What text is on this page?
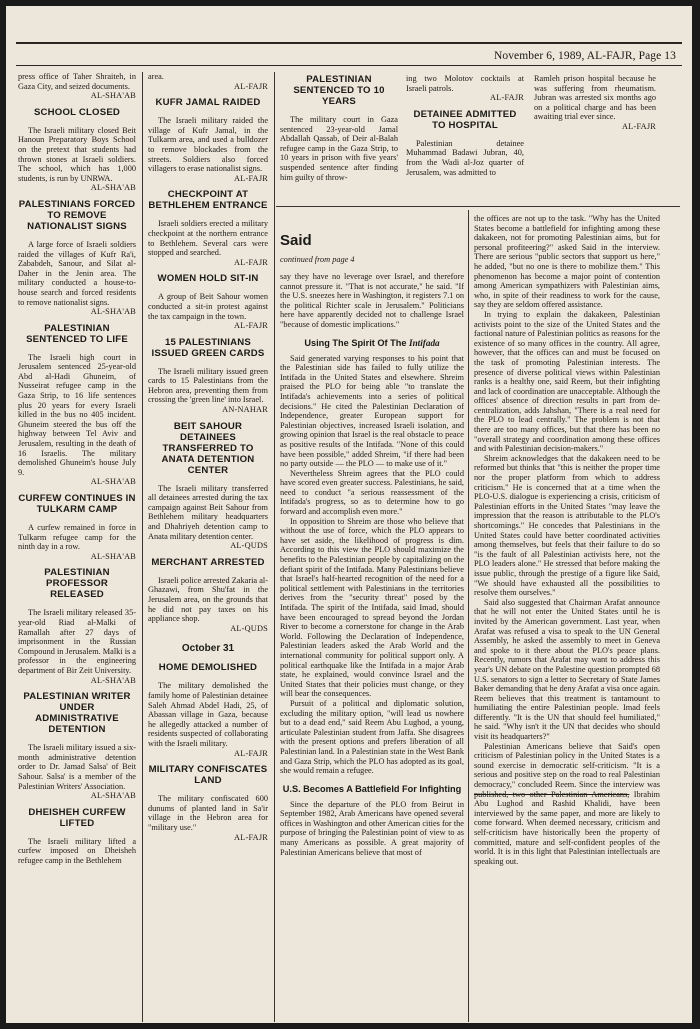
November 6, 1989, AL-FAJR, Page 13

press office of Taher Shraiteh, in Gaza City, and seized documents.

AL-SHA'AB

SCHOOL CLOSED

The Israeli military closed Beit Hanoun Preparatory Boys School on the pretext that students had thrown stones at Israeli soldiers. The school, which has 1,000 students, is run by UNRWA.

AL-SHA'AB

PALESTINIANS FORCED TO REMOVE NATIONALIST SIGNS

A large force of Israeli soldiers raided the villages of Kufr Ra'i, Zababdeh, Sanour, and Silat al-Daher in the Jenin area. The military conducted a house-to-house search and forced residents to remove nationalist signs.

AL-SHA'AB

PALESTINIAN SENTENCED TO LIFE

The Israeli high court in Jerusalem sentenced 25-year-old Abd al-Hadi Ghuneim, of Nusseirat refugee camp in the Gaza Strip, to 16 life sentences plus 20 years for every Israeli killed in the bus no 405 incident. Ghuneim steered the bus off the highway between Tel Aviv and Jerusalem, resulting in the death of 16 Israelis. The military demolished Ghuneim's house July 9.

AL-SHA'AB

CURFEW CONTINUES IN TULKARM CAMP

A curfew remained in force in Tulkarm refugee camp for the ninth day in a row.

AL-SHA'AB

PALESTINIAN PROFESSOR RELEASED

The Israeli military released 35-year-old Riad al-Malki of Ramallah after 27 days of imprisonment in the Russian Compound in Jerusalem. Malki is a professor in the engineering department of Bir Zeit University.

AL-SHA'AB

PALESTINIAN WRITER UNDER ADMINISTRATIVE DETENTION

The Israeli military issued a six-month administrative detention order to Dr. Jamad Salsa' of Beit Sahour. Salsa' is a member of the Palestinian Writers' Association.

AL-SHA'AB

DHEISHEH CURFEW LIFTED

The Israeli military lifted a curfew imposed on Dheisheh refugee camp in the Bethlehem

area.

AL-FAJR

KUFR JAMAL RAIDED

The Israeli military raided the village of Kufr Jamal, in the Tulkarm area, and used a bulldozer to remove blockades from the streets. Soldiers also forced villagers to erase nationalist signs.

AL-FAJR

CHECKPOINT AT BETHLEHEM ENTRANCE

Israeli soldiers erected a military checkpoint at the northern entrance to Bethlehem. Several cars were stopped and searched.

AL-FAJR

WOMEN HOLD SIT-IN

A group of Beit Sahour women conducted a sit-in protest against the tax campaign in the town.

AL-FAJR

15 PALESTINIANS ISSUED GREEN CARDS

The Israeli military issued green cards to 15 Palestinians from the Hebron area, preventing them from crossing the 'green line' into Israel.

AN-NAHAR

BEIT SAHOUR DETAINEES TRANSFERRED TO ANATA DETENTION CENTER

The Israeli military transferred all detainees arrested during the tax campaign against Beit Sahour from Bethlehem military headquarters and Dhahriyeh detention camp to Anata military detention center.

AL-QUDS

MERCHANT ARRESTED

Israeli police arrested Zakaria al-Ghazawi, from Shu'fat in the Jerusalem area, on the grounds that he did not pay taxes on his appliance shop.

AL-QUDS

October 31
HOME DEMOLISHED

The military demolished the family home of Palestinian detainee Saleh Ahmad Abdel Hadi, 25, of Abassan village in Gaza, because he allegedly attacked a number of residents suspected of collaborating with the Israeli military.

AL-FAJR

MILITARY CONFISCATES LAND

The military confiscated 600 dunums of planted land in Sa'ir village in the Hebron area for "military use."

AL-FAJR

PALESTINIAN SENTENCED TO 10 YEARS

The military court in Gaza sentenced 23-year-old Jamal Abdallah Qassab, of Deir al-Balah refugee camp in the Gaza Strip, to 10 years in prison with five years' suspended sentence after finding him guilty of throw-

ing two Molotov cocktails at Israeli patrols.

AL-FAJR

DETAINEE ADMITTED TO HOSPITAL

Palestinian detainee Muhammad Badawi Jubran, 40, from the Wadi al-Joz quarter of Jerusalem, was admitted to

Ramleh prison hospital because he was suffering from rheumatism. Jubran was arrested six months ago on a political charge and has been awaiting trial ever since.

AL-FAJR

Said
continued from page 4

say they have no leverage over Israel, and therefore cannot pressure it. "That is not accurate," he said. "If the U.S. sneezes here in Washington, it registers 7.1 on the political Richter scale in Jerusalem." Politicians here have apparently decided not to challenge Israel "because of domestic implications."

Using The Spirit Of The Intifada

Said generated varying responses to his point that the Palestinian side has failed to fully utilize the Intifada in the United States and elsewhere. Shreim praised the PLO for being able "to translate the Intifada's achievements into a series of political decisions." He cited the Palestinian Declaration of Independence, greater European support for Palestinian objectives, increased Israeli isolation, and growing opinion that Israel is the real obstacle to peace as positive results of the Intifada. "None of this could have been possible," added Shreim, "if there had been no party outside — the PLO — to make use of it."

Nevertheless Shreim agrees that the PLO could have scored even greater success. Palestinians, he said, need to conduct "a serious reassessment of the Intifada's progress, so as to determine how to go forward and accomplish even more."

In opposition to Shreim are those who believe that without the use of force, which the PLO appears to have set aside, the likelihood of progress is dim. According to this view the PLO should maximize the benefits to the Palestinian people by capitalizing on the defiant spirit of the Intifada. Many Palestinians believe that Israel's half-hearted recognition of the need for a political settlement with Palestinians in the territories derives from the "security threat" posed by the Intifada. The spirit of the Intifada, said Imad, should have been encouraged to spread beyond the Jordan River to become a cornerstone for change in the Arab World. Following the Declaration of Independence, Palestinian leaders asked the Arab World and the international community for political support only. A political earthquake like the Intifada in a major Arab state, he explained, would convince Israel and the United States that their policies must change, or they will bear the consequences.

Pursuit of a political and diplomatic solution, excluding the military option, "will lead us nowhere but to a dead end," said Reem Abu Lughod, a young, articulate Palestinian student from Jaffa. She disagrees with the present options and prefers liberation of all Palestinian land. In a Palestinian state in the West Bank and Gaza Strip, which the PLO has adopted as its goal, she would remain a refugee.

U.S. Becomes A Battlefield For Infighting

Since the departure of the PLO from Beirut in September 1982, Arab Americans have opened several offices in Washington and other American cities for the purpose of bringing the Palestinian point of view to as many Americans as possible. A great majority of Palestinian Americans believe that most of

the offices are not up to the task. "Why has the United States become a battlefield for infighting among these dakakeen, not for promoting Palestinian aims, but for personal profiteering?" asked Said in the interview. There are serious "public sectors that support us here," he added, "but no one is there to mobilize them." This phenomenon has become a major point of contention among American sympathizers with Palestinian aims, who, in spite of their readiness to work for the cause, say they are seldom offered assistance.

In trying to explain the dakakeen, Palestinian activists point to the size of the United States and the factional nature of Palestinian politics as reasons for the existence of so many offices in the country. All agree, however, that the offices can and must be focused on the task of promoting Palestinian interests. The presence of diverse political views within Palestinian ranks is a healthy one, said Reem, but their infighting and lack of coordination are unacceptable. Although the offices' absence of direction results in part from de-centralization, adds Jahshan, "There is a real need for the PLO to lead centrally." The problem is not that there are too many offices, but that there has been no "overall strategy and coordination among these offices and with Palestinian decision-makers."

Shreim acknowledges that the dakakeen need to be reformed but thinks that "this is neither the proper time nor the proper platform from which to address criticism." He is concerned that at a time when the PLO-U.S. dialogue is experiencing a crisis, criticism of Palestinian efforts in the United States "may leave the impression that the reason is attributable to the PLO's shortcomings." He concedes that Palestinians in the United States could have better coordinated activities among themselves, but feels that their failure to do so "is the fault of all Palestinian activists here, not the PLO leaders alone." He stressed that before making the issue public, through the prestige of a figure like Said, "We should have exhausted all the possibilities to resolve them ourselves."

Said also suggested that Chairman Arafat announce that he will not enter the United States until he is invited by the American government. Last year, when Arafat was refused a visa to speak to the UN General Assembly, he asked the assembly to meet in Geneva and spoke to it there about the PLO's peace plans. Recently, rumors that Arafat may want to address this year's UN debate on the Palestine question prompted 68 U.S. senators to sign a letter to Secretary of State James Baker demanding that he deny Arafat a visa once again. Reem believes that this treatment is tantamount to humiliating the entire Palestinian people. Imad feels differently. "It is the UN that should feel humiliated," he said. "Why isn't it the UN that decides who should visit its headquarters?"

Palestinian Americans believe that Said's open criticism of Palestinian policy in the United States is a sound exercise in democratic self-criticism. "It is a serious and positive step on the road to real Palestinian democracy," concluded Reem. Since the interview was published, two other Palestinian Americans, Ibrahim Abu Lughod and Rashid Khalidi, have been interviewed by the same paper, and more are likely to come forward. When deemed necessary, criticism and self-criticism have historically been the property of committed, mature and self-confident peoples of the world. It is in this light that Palestinian intellectuals are speaking out.
